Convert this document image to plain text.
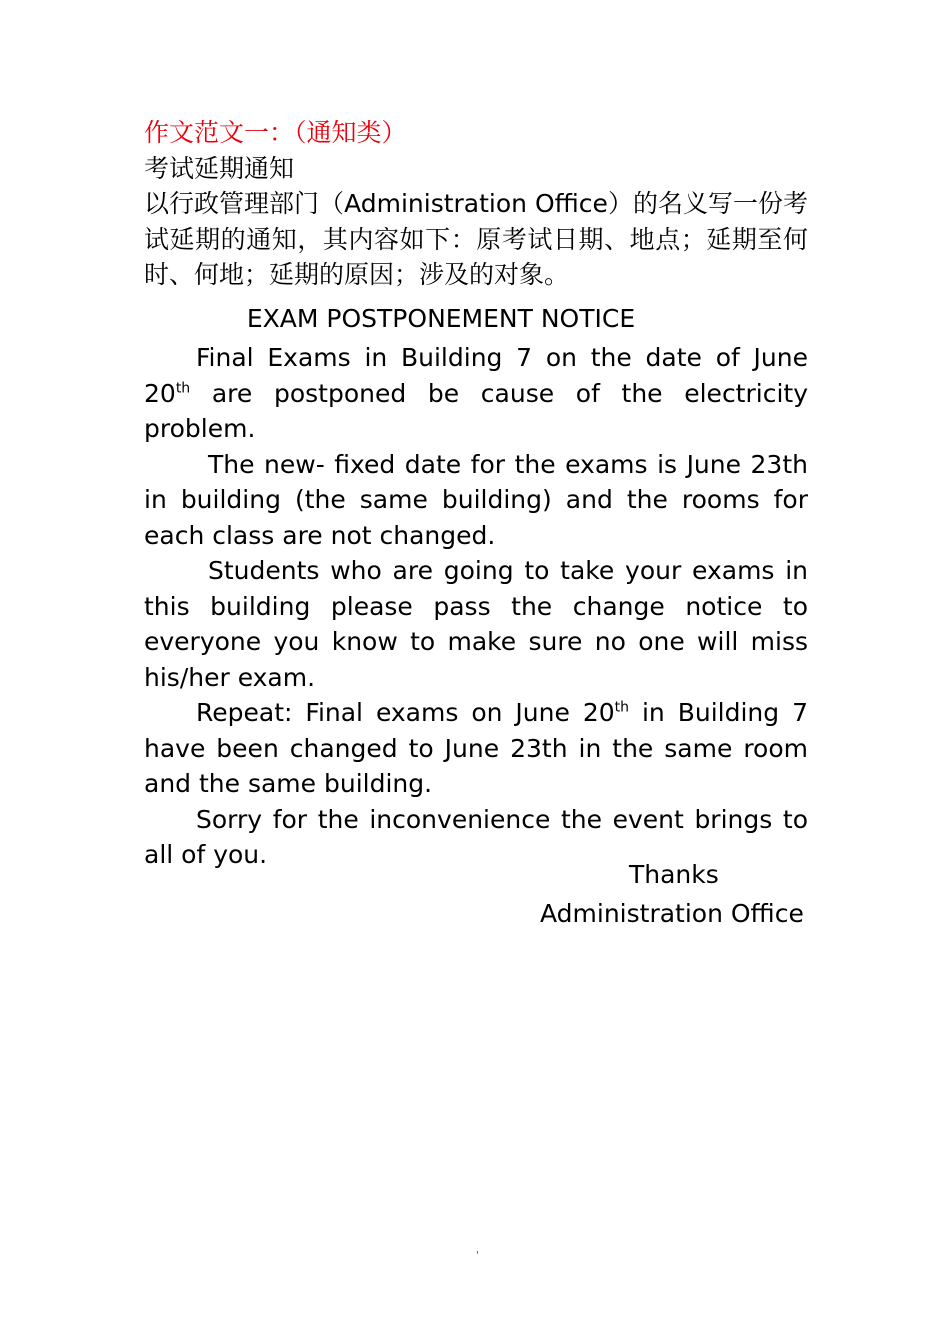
作文范文一：（通知类）

考试延期通知

以行政管理部门（Administration Office）的名义写一份考试延期的通知，其内容如下：原考试日期、地点；延期至何时、何地；延期的原因；涉及的对象。

EXAM POSTPONEMENT NOTICE

Final Exams in Building 7 on the date of June 20th are postponed be cause of the electricity problem.

The new- fixed date for the exams is June 23th in building (the same building) and the rooms for each class are not changed.

Students who are going to take your exams in this building please pass the change notice to everyone you know to make sure no one will miss his/her exam.

Repeat: Final exams on June 20th in Building 7 have been changed to June 23th in the same room and the same building.

Sorry for the inconvenience the event brings to all of you.

Thanks
Administration Office
'
